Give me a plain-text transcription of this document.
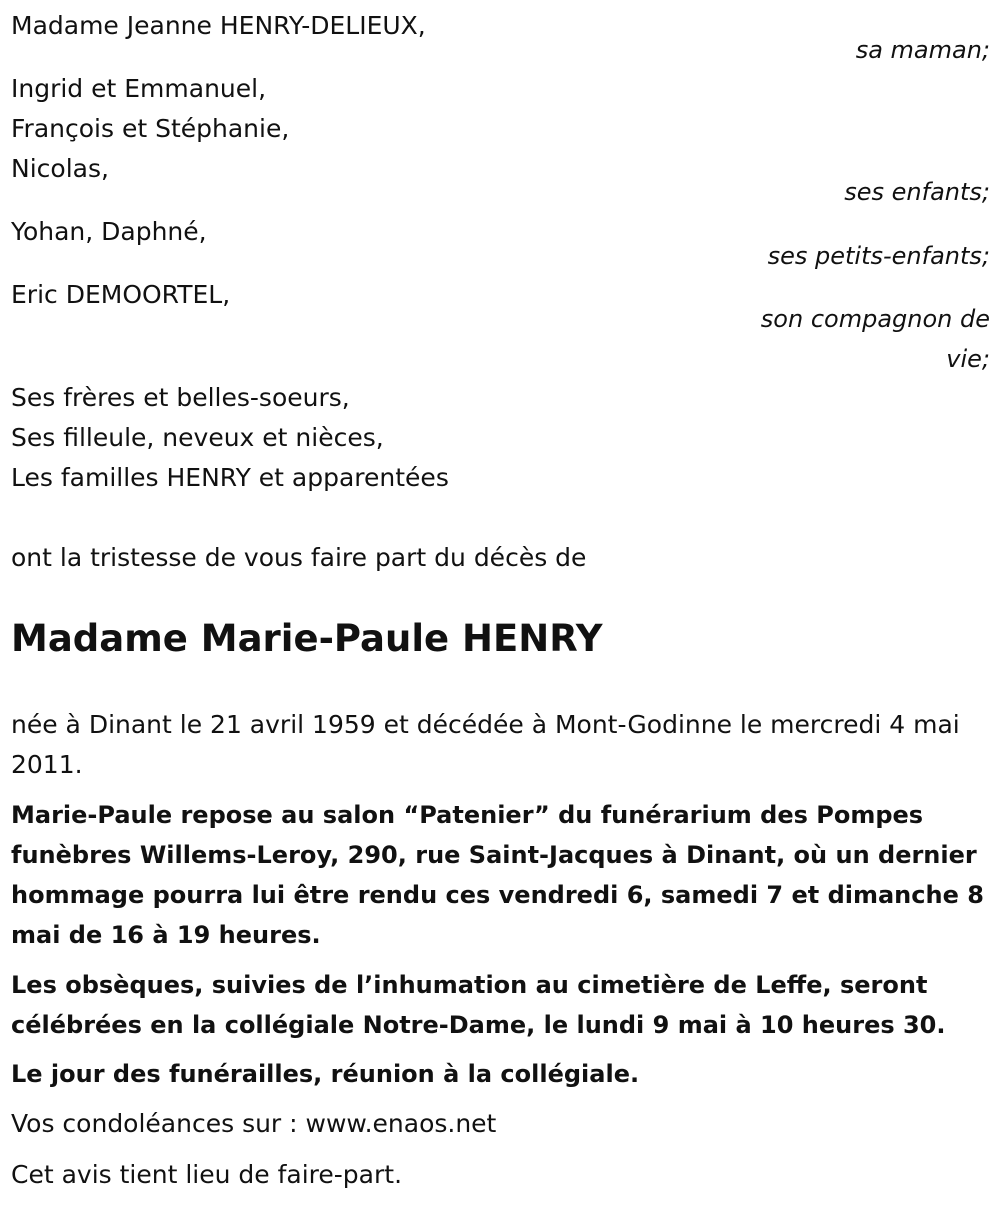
Madame Jeanne HENRY-DELIEUX,
sa maman;
Ingrid et Emmanuel,
François et Stéphanie,
Nicolas,
ses enfants;
Yohan, Daphné,
ses petits-enfants;
Eric DEMOORTEL,
son compagnon de
vie;
Ses frères et belles-soeurs,
Ses filleule, neveux et nièces,
Les familles HENRY et apparentées
ont la tristesse de vous faire part du décès de
Madame Marie-Paule HENRY
née à Dinant le 21 avril 1959 et décédée à Mont-Godinne le mercredi 4 mai 2011.
Marie-Paule repose au salon “Patenier” du funérarium des Pompes funèbres Willems-Leroy, 290, rue Saint-Jacques à Dinant, où un dernier hommage pourra lui être rendu ces vendredi 6, samedi 7 et dimanche 8 mai de 16 à 19 heures.
Les obsèques, suivies de l’inhumation au cimetière de Leffe, seront célébrées en la collégiale Notre-Dame, le lundi 9 mai à 10 heures 30.
Le jour des funérailles, réunion à la collégiale.
Vos condoléances sur : www.enaos.net
Cet avis tient lieu de faire-part.
